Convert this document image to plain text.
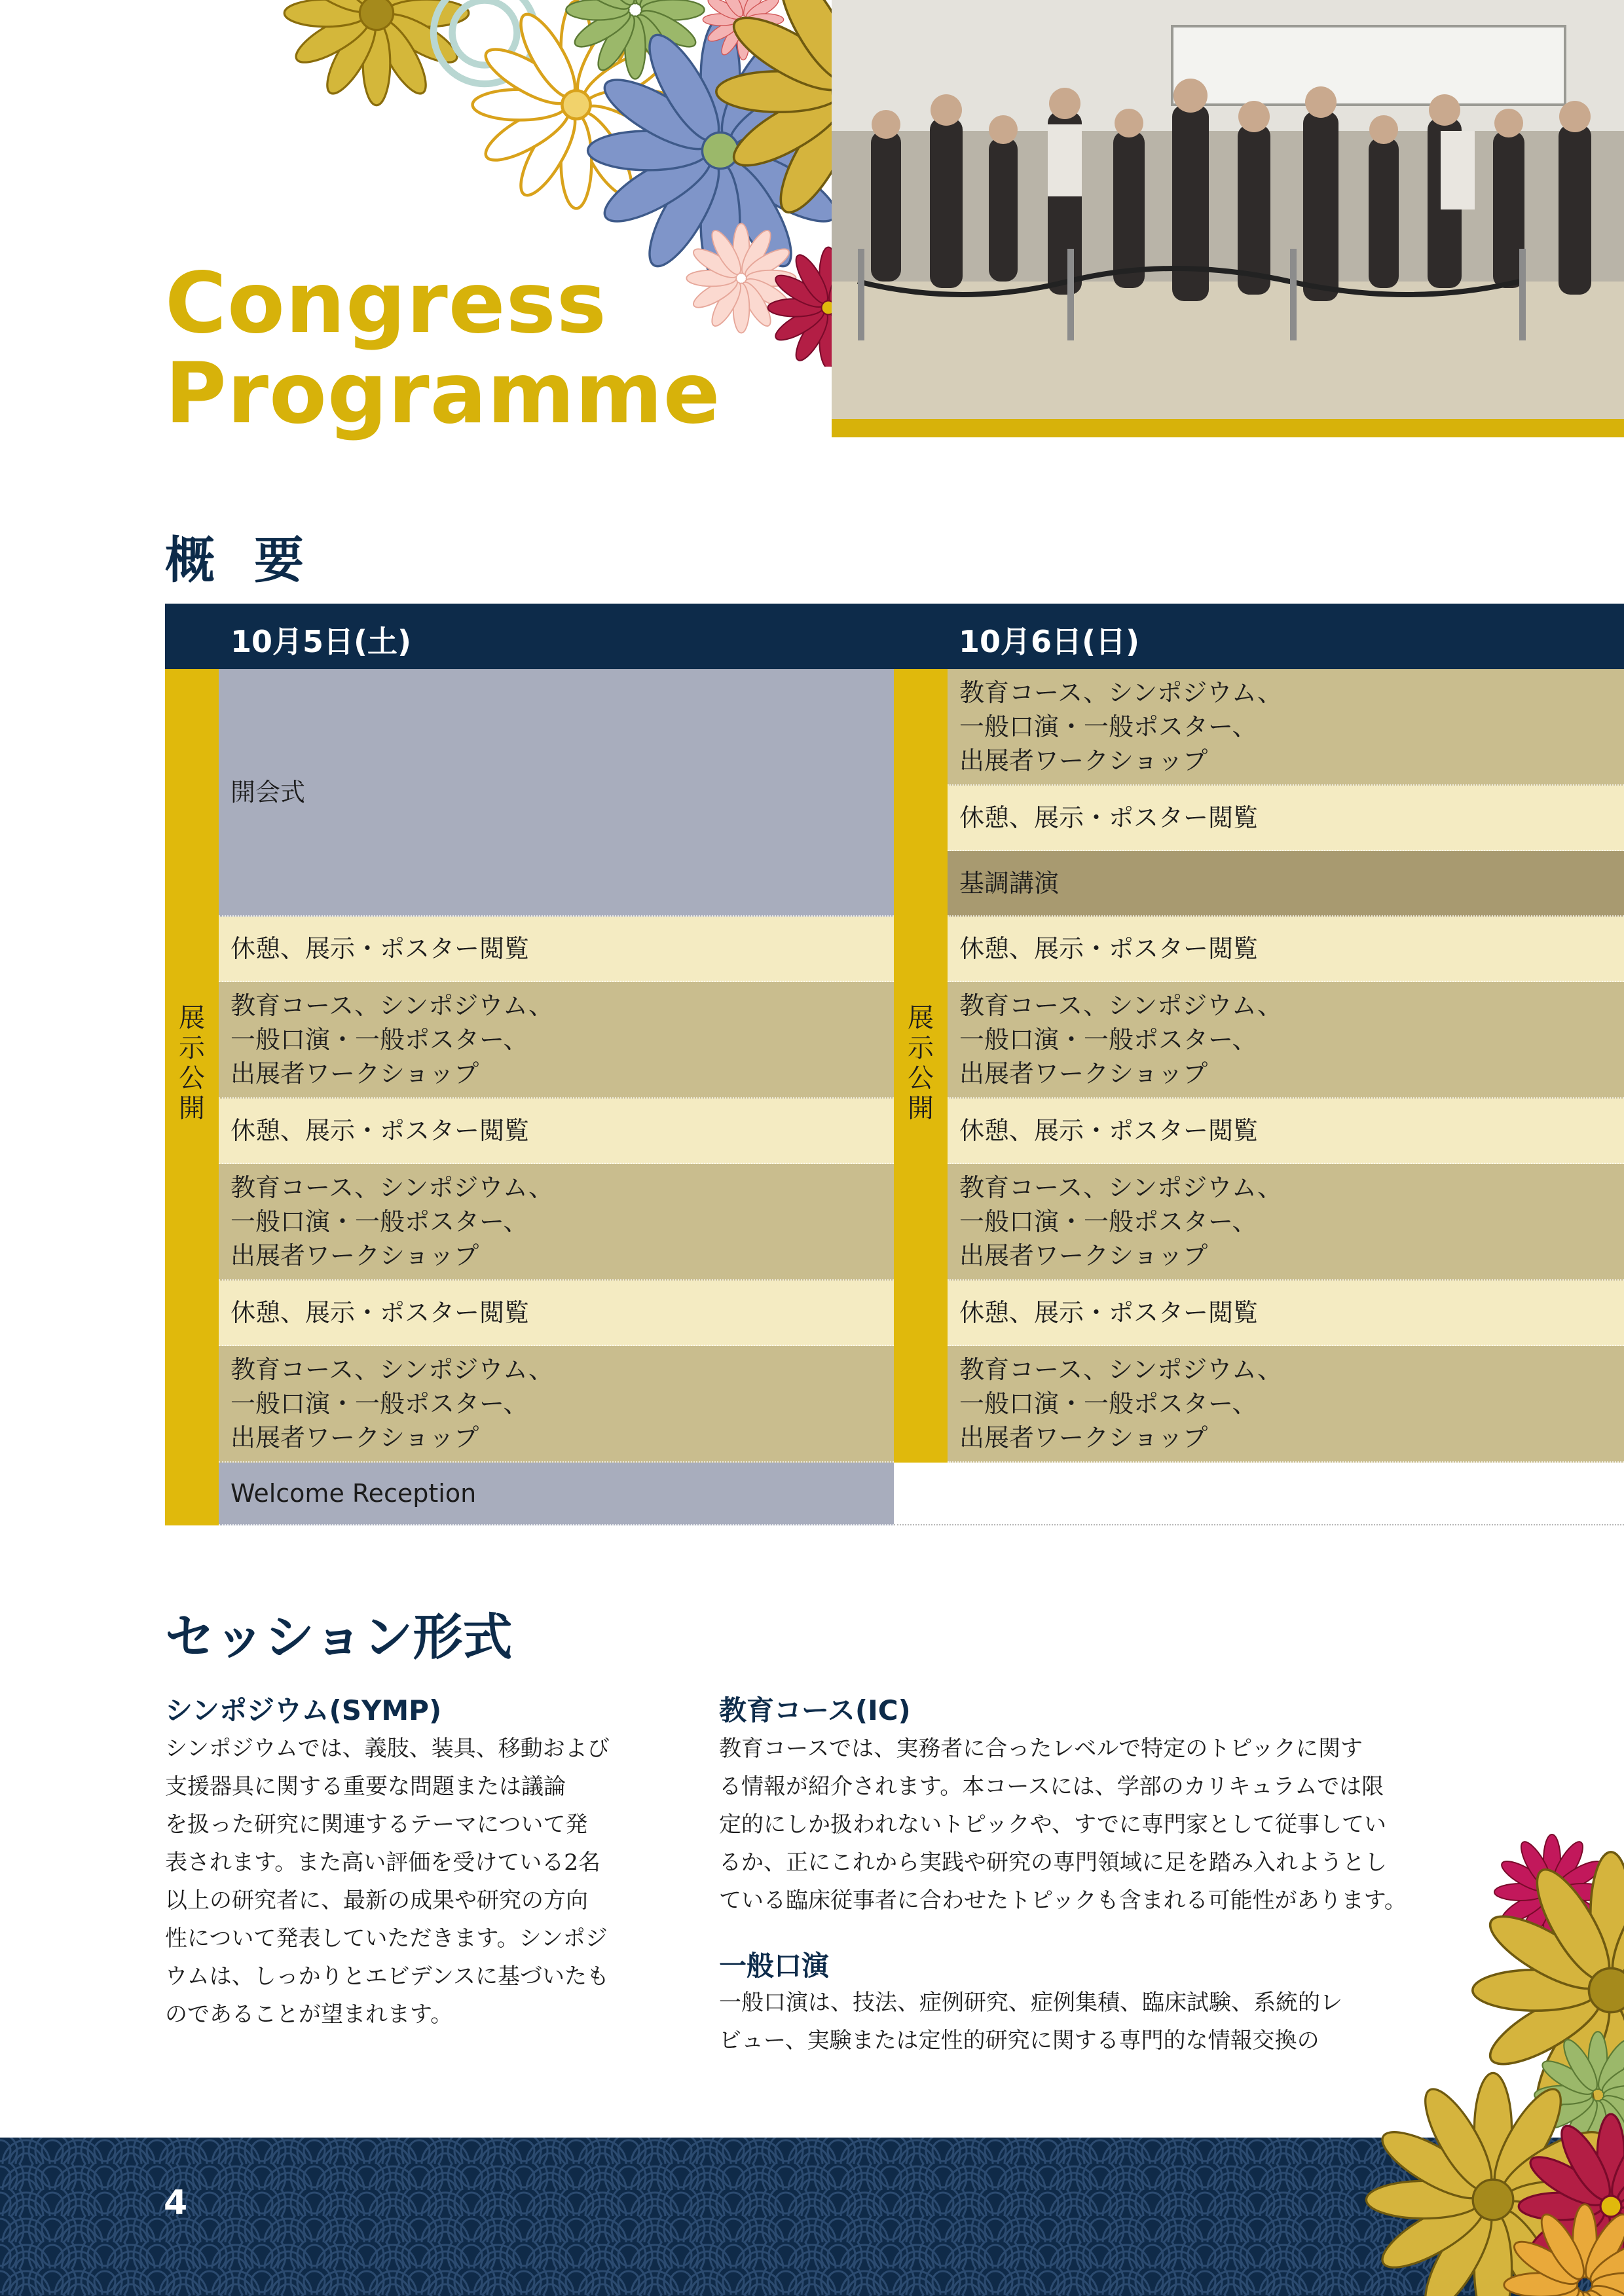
Congress
Programme
概要
10月5日(土)	10月6日(日)
展
示
公
開
開会式
休憩、展示・ポスター閲覧
教育コース、シンポジウム、
一般口演・一般ポスター、
出展者ワークショップ
休憩、展示・ポスター閲覧
教育コース、シンポジウム、
一般口演・一般ポスター、
出展者ワークショップ
休憩、展示・ポスター閲覧
教育コース、シンポジウム、
一般口演・一般ポスター、
出展者ワークショップ
Welcome Reception
展
示
公
開
教育コース、シンポジウム、
一般口演・一般ポスター、
出展者ワークショップ
休憩、展示・ポスター閲覧
基調講演
休憩、展示・ポスター閲覧
教育コース、シンポジウム、
一般口演・一般ポスター、
出展者ワークショップ
休憩、展示・ポスター閲覧
教育コース、シンポジウム、
一般口演・一般ポスター、
出展者ワークショップ
休憩、展示・ポスター閲覧
教育コース、シンポジウム、
一般口演・一般ポスター、
出展者ワークショップ
セッション形式
シンポジウム(SYMP)
シンポジウムでは、義肢、装具、移動および
支援器具に関する重要な問題または議論
を扱った研究に関連するテーマについて発
表されます。また高い評価を受けている2名
以上の研究者に、最新の成果や研究の方向
性について発表していただきます。シンポジ
ウムは、しっかりとエビデンスに基づいたも
のであることが望まれます。
教育コース(IC)
教育コースでは、実務者に合ったレベルで特定のトピックに関す
る情報が紹介されます。本コースには、学部のカリキュラムでは限
定的にしか扱われないトピックや、すでに専門家として従事してい
るか、正にこれから実践や研究の専門領域に足を踏み入れようとし
ている臨床従事者に合わせたトピックも含まれる可能性があります。
一般口演
一般口演は、技法、症例研究、症例集積、臨床試験、系統的レ
ビュー、実験または定性的研究に関する専門的な情報交換の
4
